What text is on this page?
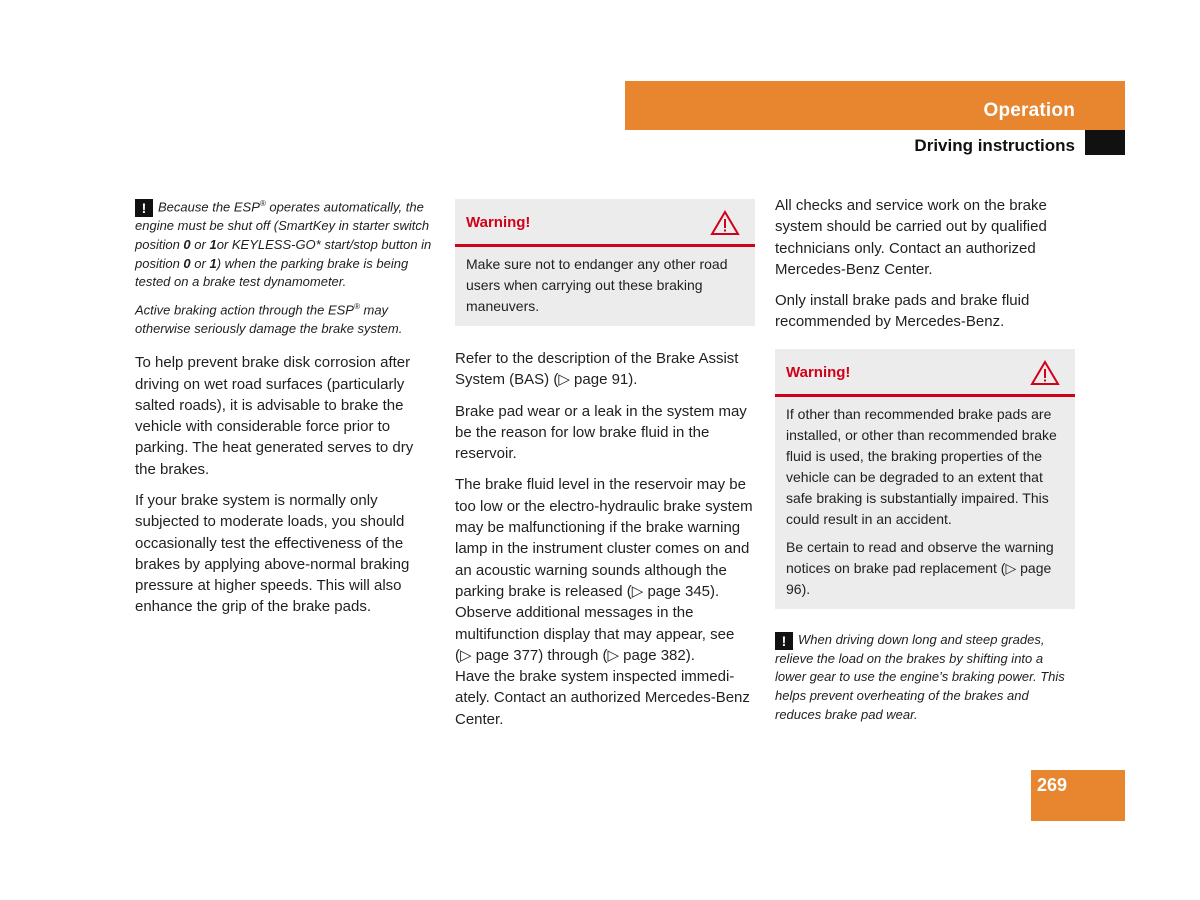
Operation
Driving instructions
! Because the ESP® operates automatically, the engine must be shut off (SmartKey in starter switch position 0 or 1or KEYLESS-GO* start/stop button in position 0 or 1) when the parking brake is being tested on a brake test dynamometer.
Active braking action through the ESP® may otherwise seriously damage the brake system.

To help prevent brake disk corrosion after driving on wet road surfaces (particularly salted roads), it is advisable to brake the vehicle with considerable force prior to parking. The heat generated serves to dry the brakes.

If your brake system is normally only subjected to moderate loads, you should occasionally test the effectiveness of the brakes by applying above-normal braking pressure at higher speeds. This will also enhance the grip of the brake pads.

Warning!

Make sure not to endanger any other road users when carrying out these braking maneuvers.

Refer to the description of the Brake Assist System (BAS) (▷ page 91).

Brake pad wear or a leak in the system may be the reason for low brake fluid in the reservoir.

The brake fluid level in the reservoir may be too low or the electro-hydraulic brake system may be malfunctioning if the brake warning lamp in the instrument cluster comes on and an acoustic warning sounds although the parking brake is released (▷ page 345).

Observe additional messages in the multifunction display that may appear, see (▷ page 377) through (▷ page 382).

Have the brake system inspected immedi-ately. Contact an authorized Mercedes-Benz Center.

All checks and service work on the brake system should be carried out by qualified technicians only. Contact an authorized Mercedes-Benz Center.

Only install brake pads and brake fluid recommended by Mercedes-Benz.

Warning!

If other than recommended brake pads are installed, or other than recommended brake fluid is used, the braking properties of the vehicle can be degraded to an extent that safe braking is substantially impaired. This could result in an accident.

Be certain to read and observe the warning notices on brake pad replacement (▷ page 96).

! When driving down long and steep grades, relieve the load on the brakes by shifting into a lower gear to use the engine’s braking power. This helps prevent overheating of the brakes and reduces brake pad wear.
269
